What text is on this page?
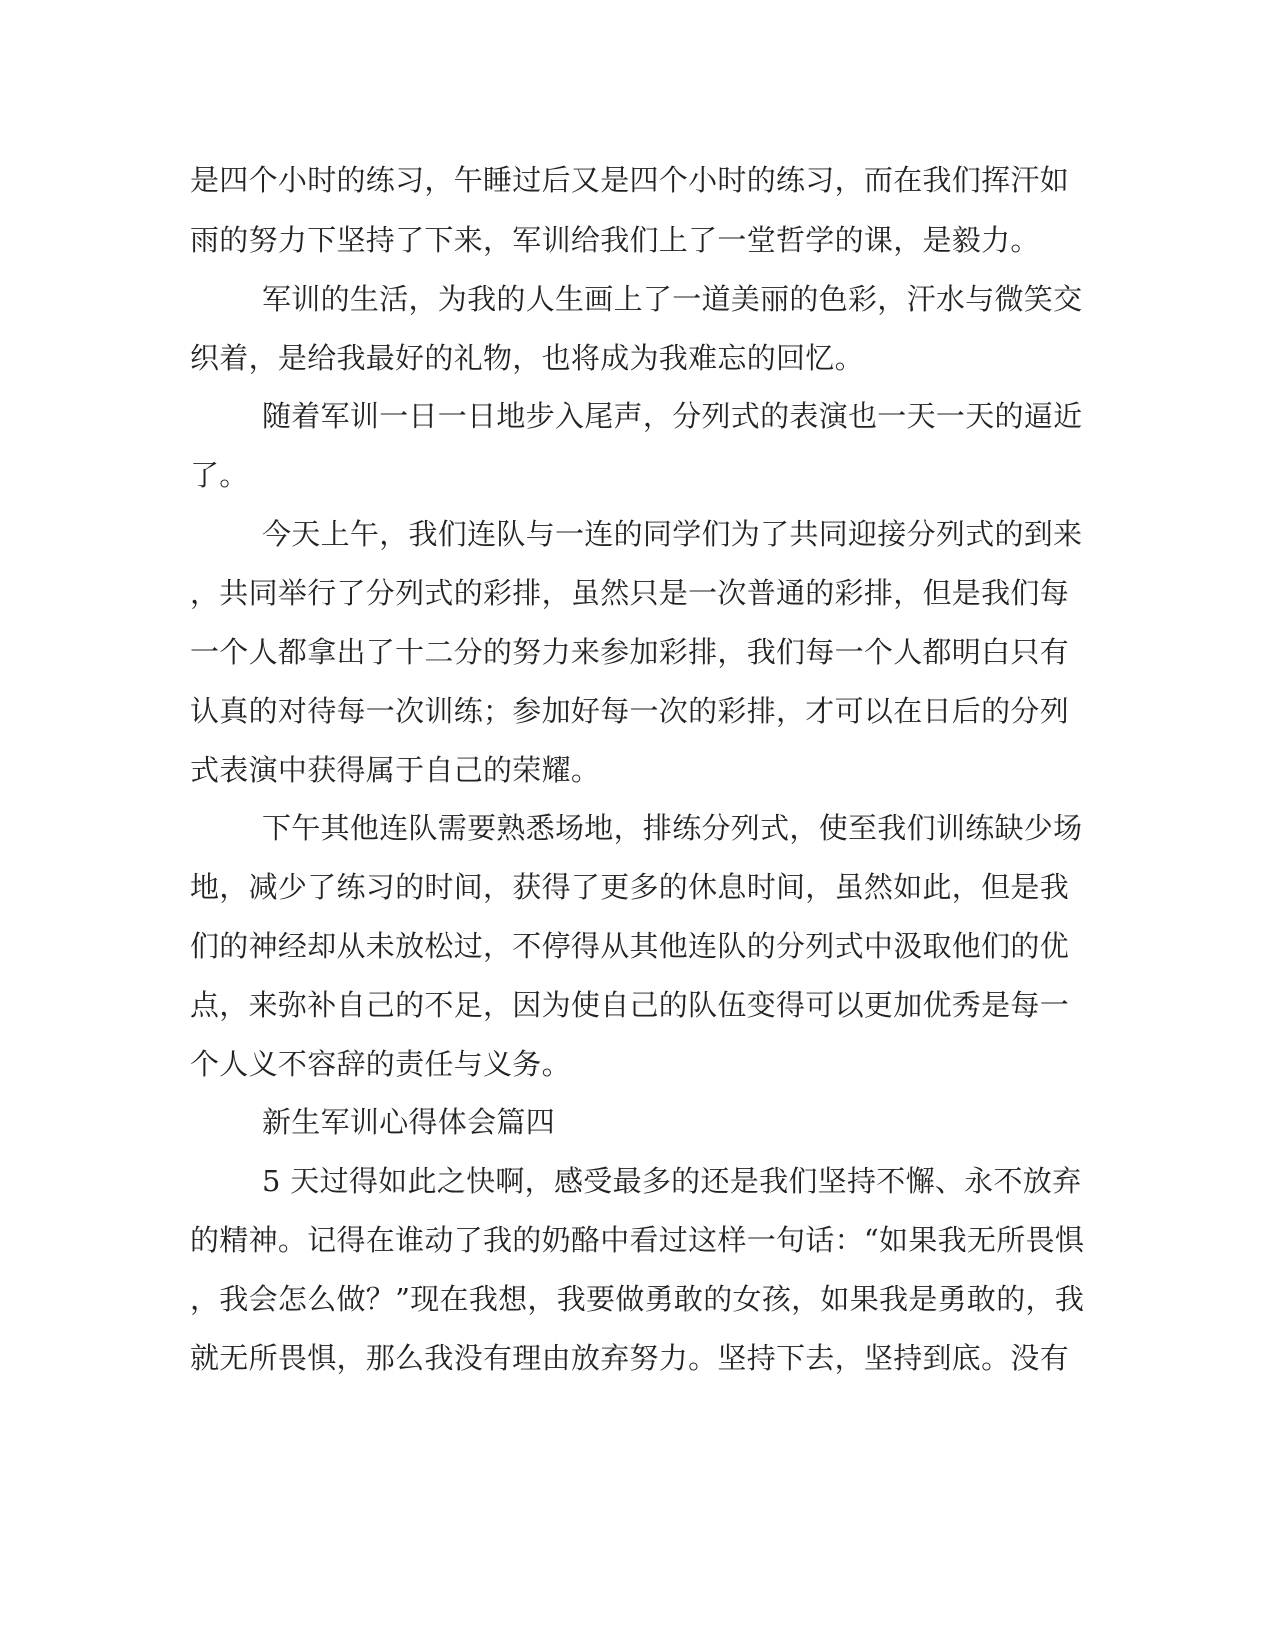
是四个小时的练习，午睡过后又是四个小时的练习，而在我们挥汗如
雨的努力下坚持了下来，军训给我们上了一堂哲学的课，是毅力。
军训的生活，为我的人生画上了一道美丽的色彩，汗水与微笑交
织着，是给我最好的礼物，也将成为我难忘的回忆。
随着军训一日一日地步入尾声，分列式的表演也一天一天的逼近
了。
今天上午，我们连队与一连的同学们为了共同迎接分列式的到来
，共同举行了分列式的彩排，虽然只是一次普通的彩排，但是我们每
一个人都拿出了十二分的努力来参加彩排，我们每一个人都明白只有
认真的对待每一次训练；参加好每一次的彩排，才可以在日后的分列
式表演中获得属于自己的荣耀。
下午其他连队需要熟悉场地，排练分列式，使至我们训练缺少场
地，减少了练习的时间，获得了更多的休息时间，虽然如此，但是我
们的神经却从未放松过，不停得从其他连队的分列式中汲取他们的优
点，来弥补自己的不足，因为使自己的队伍变得可以更加优秀是每一
个人义不容辞的责任与义务。
新生军训心得体会篇四
5 天过得如此之快啊，感受最多的还是我们坚持不懈、永不放弃
的精神。记得在谁动了我的奶酪中看过这样一句话：“如果我无所畏惧
，我会怎么做？”现在我想，我要做勇敢的女孩，如果我是勇敢的，我
就无所畏惧，那么我没有理由放弃努力。坚持下去，坚持到底。没有
